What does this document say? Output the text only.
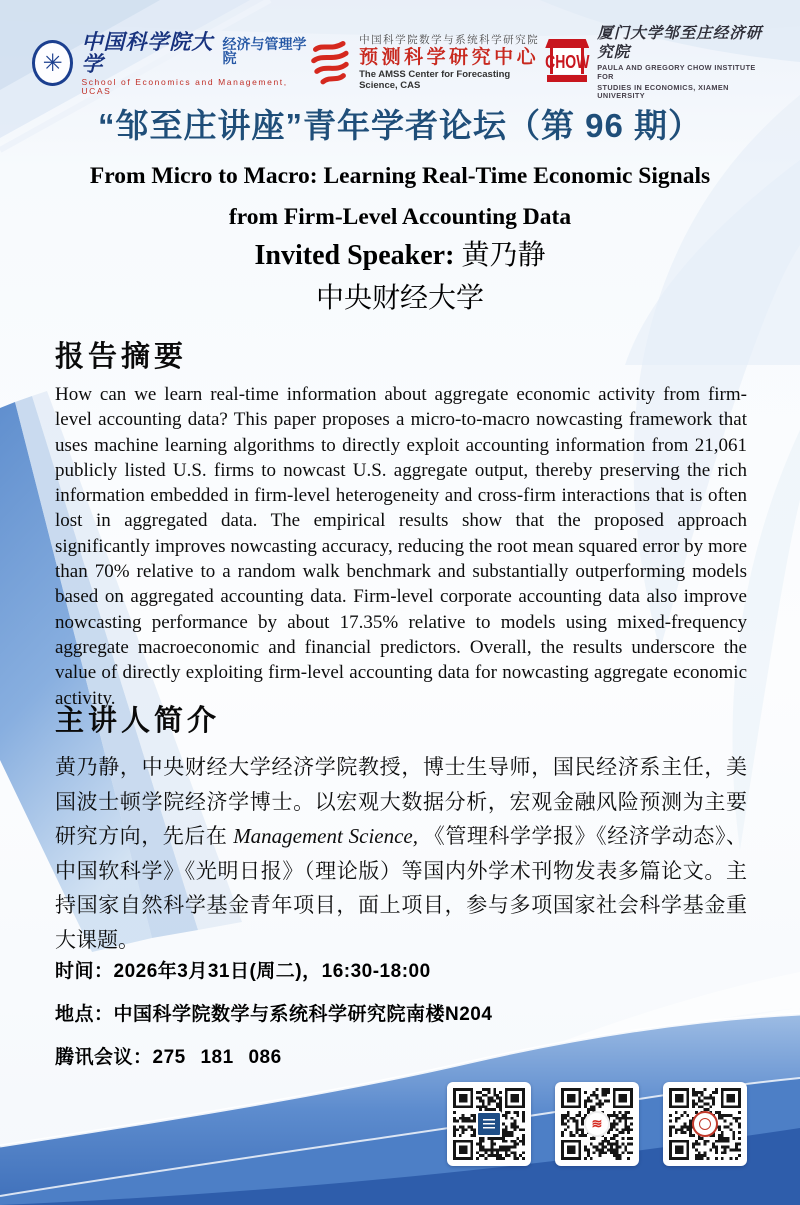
✳
中国科学院大学
经济与管理学院
School of Economics and Management, UCAS
中国科学院数学与系统科学研究院
预测科学研究中心
The AMSS Center for Forecasting Science, CAS
CHOW
厦门大学邹至庄经济研究院
PAULA AND GREGORY CHOW INSTITUTE FOR
STUDIES IN ECONOMICS, XIAMEN UNIVERSITY
“邹至庄讲座”青年学者论坛（第 96 期）
From Micro to Macro: Learning Real-Time Economic Signals
from Firm-Level Accounting Data
Invited Speaker: 黄乃静
中央财经大学
报告摘要
How can we learn real-time information about aggregate economic activity from firm-level accounting data? This paper proposes a micro-to-macro nowcasting framework that uses machine learning algorithms to directly exploit accounting information from 21,061 publicly listed U.S. firms to nowcast U.S. aggregate output, thereby preserving the rich information embedded in firm-level heterogeneity and cross-firm interactions that is often lost in aggregated data. The empirical results show that the proposed approach significantly improves nowcasting accuracy, reducing the root mean squared error by more than 70% relative to a random walk benchmark and substantially outperforming models based on aggregated accounting data. Firm-level corporate accounting data also improve nowcasting performance by about 17.35% relative to models using mixed-frequency aggregate macroeconomic and financial predictors. Overall, the results underscore the value of directly exploiting firm-level accounting data for nowcasting aggregate economic activity.
主讲人简介
黄乃静，中央财经大学经济学院教授，博士生导师，国民经济系主任，美国波士顿学院经济学博士。以宏观大数据分析，宏观金融风险预测为主要研究方向，先后在 Management Science, 《管理科学学报》《经济学动态》、中国软科学》《光明日报》（理论版）等国内外学术刊物发表多篇论文。主持国家自然科学基金青年项目，面上项目，参与多项国家社会科学基金重大课题。
时间：2026年3月31日(周二)，16:30-18:00
地点：中国科学院数学与系统科学研究院南楼N204
腾讯会议：275 181 086
≋
